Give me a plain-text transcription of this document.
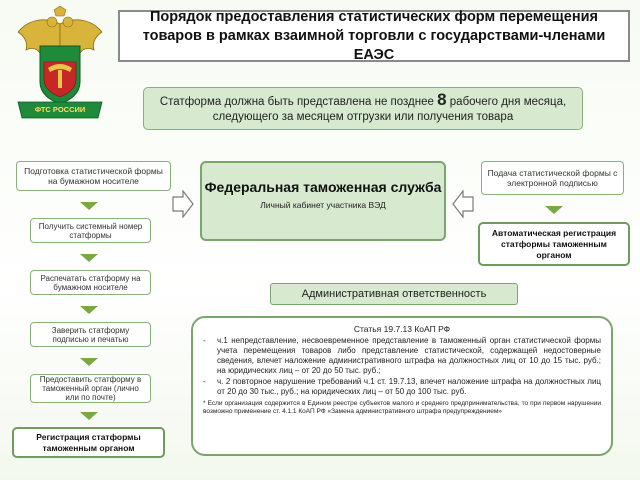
ФТС РОССИИ
Порядок предоставления статистических форм перемещения товаров в рамках взаимной торговли с государствами-членами ЕАЭС
Статформа должна быть представлена не позднее 8 рабочего дня месяца,
следующего за месяцем отгрузки или получения товара
Подготовка статистической формы на бумажном носителе
Получить системный номер статформы
Распечатать статформу на бумажном носителе
Заверить статформу подписью и печатью
Предоставить статформу в таможенный орган (лично или по почте)
Регистрация статформы таможенным органом
Федеральная таможенная служба
Личный кабинет участника ВЭД
Подача статистической формы с электронной подписью
Автоматическая регистрация статформы таможенным органом
Административная ответственность
Статья 19.7.13 КоАП РФ
-	ч.1 непредставление, несвоевременное представление в таможенный орган статистической формы учета перемещения товаров либо представление статистической, содержащей недостоверные сведения, влечет наложение административного штрафа на должностных лиц от 10 до 15 тыс. руб.; на юридических лиц – от 20 до 50 тыс. руб.;
-	ч. 2 повторное нарушение требований ч.1 ст. 19.7.13, влечет наложение штрафа на должностных лиц от 20 до 30 тыс., руб.; на юридических лиц – от 50 до 100 тыс. руб.
* Если организация содержится в Едином реестре субъектов малого и среднего предпринимательства, то при первом нарушении возможно применение ст. 4.1.1 КоАП РФ «Замена административного штрафа предупреждением»
